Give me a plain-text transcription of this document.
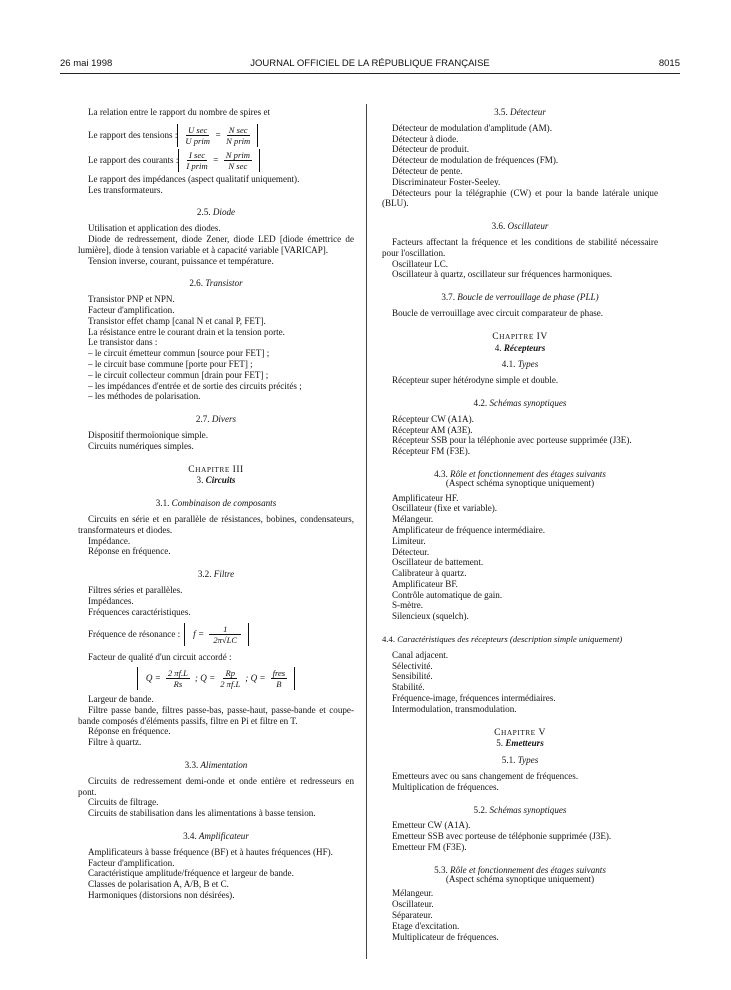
26 mai 1998	JOURNAL OFFICIEL DE LA RÉPUBLIQUE FRANÇAISE	8015

La relation entre le rapport du nombre de spires et

Le rapport des tensions : $\frac{\text{U sec}}{\text{U prim}} = \frac{\text{N sec}}{\text{N prim}}$
Le rapport des courants : $\frac{\text{I sec}}{\text{I prim}} = \frac{\text{N prim}}{\text{N sec}}$

Le rapport des impédances (aspect qualitatif uniquement).

Les transformateurs.

2.5. Diode

Utilisation et application des diodes.

Diode de redressement, diode Zener, diode LED [diode émettrice de lumière], diode à tension variable et à capacité variable [VARICAP].

Tension inverse, courant, puissance et température.

2.6. Transistor

Transistor PNP et NPN.

Facteur d'amplification.

Transistor effet champ [canal N et canal P, FET].

La résistance entre le courant drain et la tension porte.

Le transistor dans :

– le circuit émetteur commun [source pour FET] ;

– le circuit base commune [porte pour FET] ;

– le circuit collecteur commun [drain pour FET] ;

– les impédances d'entrée et de sortie des circuits précités ;

– les méthodes de polarisation.

2.7. Divers

Dispositif thermoïonique simple.

Circuits numériques simples.

CHAPITRE III

3. Circuits

3.1. Combinaison de composants

Circuits en série et en parallèle de résistances, bobines, condensateurs, transformateurs et diodes.

Impédance.

Réponse en fréquence.

3.2. Filtre

Filtres séries et parallèles.

Impédances.

Fréquences caractéristiques.

Fréquence de résonance : $f = \frac{1}{2\pi√LC}$

Facteur de qualité d'un circuit accordé :

$Q = \frac{2 \pi f.L}{Rs}$ ; $Q = \frac{Rp}{2 \pi f.L}$ ; $Q = \frac{\text{fres}}{B}$

Largeur de bande.

Filtre passe bande, filtres passe-bas, passe-haut, passe-bande et coupe-bande composés d'éléments passifs, filtre en Pi et filtre en T.

Réponse en fréquence.

Filtre à quartz.

3.3. Alimentation

Circuits de redressement demi-onde et onde entière et redresseurs en pont.

Circuits de filtrage.

Circuits de stabilisation dans les alimentations à basse tension.

3.4. Amplificateur

Amplificateurs à basse fréquence (BF) et à hautes fréquences (HF).

Facteur d'amplification.

Caractéristique amplitude/fréquence et largeur de bande.

Classes de polarisation A, A/B, B et C.

Harmoniques (distorsions non désirées).

3.5. Détecteur

Détecteur de modulation d'amplitude (AM).

Détecteur à diode.

Détecteur de produit.

Détecteur de modulation de fréquences (FM).

Détecteur de pente.

Discriminateur Foster-Seeley.

Détecteurs pour la télégraphie (CW) et pour la bande latérale unique (BLU).

3.6. Oscillateur

Facteurs affectant la fréquence et les conditions de stabilité nécessaire pour l'oscillation.

Oscillateur LC.

Oscillateur à quartz, oscillateur sur fréquences harmoniques.

3.7. Boucle de verrouillage de phase (PLL)

Boucle de verrouillage avec circuit comparateur de phase.

CHAPITRE IV

4. Récepteurs

4.1. Types

Récepteur super hétérodyne simple et double.

4.2. Schémas synoptiques

Récepteur CW (A1A).

Récepteur AM (A3E).

Récepteur SSB pour la téléphonie avec porteuse supprimée (J3E).

Récepteur FM (F3E).

4.3. Rôle et fonctionnement des étages suivants

(Aspect schéma synoptique uniquement)

Amplificateur HF.

Oscillateur (fixe et variable).

Mélangeur.

Amplificateur de fréquence intermédiaire.

Limiteur.

Détecteur.

Oscillateur de battement.

Calibrateur à quartz.

Amplificateur BF.

Contrôle automatique de gain.

S-mètre.

Silencieux (squelch).

4.4. Caractéristiques des récepteurs (description simple uniquement)

Canal adjacent.

Sélectivité.

Sensibilité.

Stabilité.

Fréquence-image, fréquences intermédiaires.

Intermodulation, transmodulation.

CHAPITRE V

5. Emetteurs

5.1. Types

Emetteurs avec ou sans changement de fréquences.

Multiplication de fréquences.

5.2. Schémas synoptiques

Emetteur CW (A1A).

Emetteur SSB avec porteuse de téléphonie supprimée (J3E).

Emetteur FM (F3E).

5.3. Rôle et fonctionnement des étages suivants

(Aspect schéma synoptique uniquement)

Mélangeur.

Oscillateur.

Séparateur.

Etage d'excitation.

Multiplicateur de fréquences.
